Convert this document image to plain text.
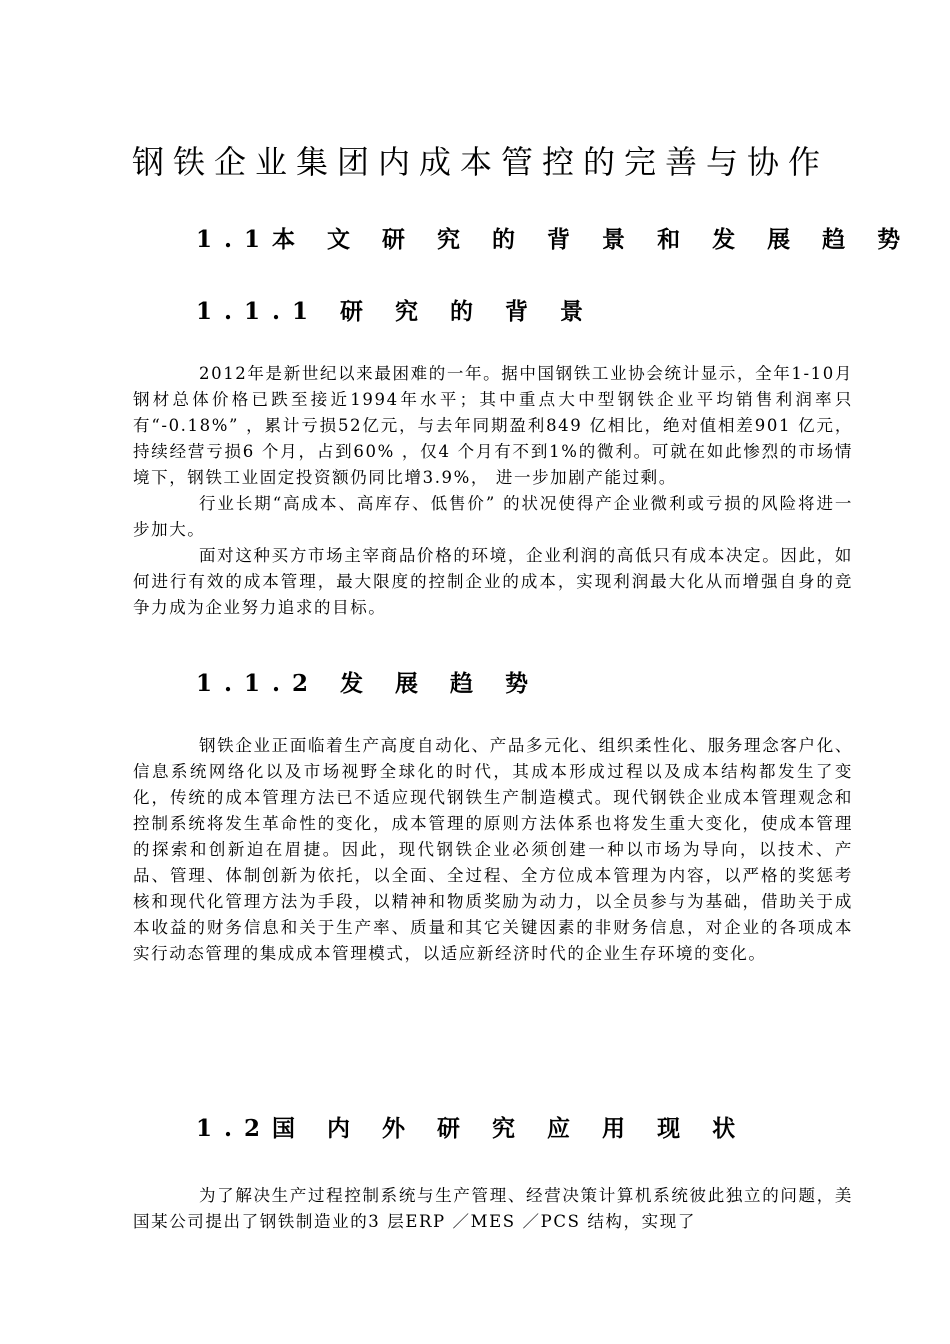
钢铁企业集团内成本管控的完善与协作
1.1本 文 研 究 的 背 景 和 发 展 趋 势
1.1.1 研 究 的 背 景

2012年是新世纪以来最困难的一年。据中国钢铁工业协会统计显示，全年1-10月钢材总体价格已跌至接近1994年水平；其中重点大中型钢铁企业平均销售利润率只有“-0.18%” ，累计亏损52亿元，与去年同期盈利849 亿相比，绝对值相差901 亿元，持续经营亏损6 个月，占到60% ，仅4 个月有不到1%的微利。可就在如此惨烈的市场情境下，钢铁工业固定投资额仍同比增3.9%， 进一步加剧产能过剩。

行业长期“高成本、高库存、低售价” 的状况使得产企业微利或亏损的风险将进一步加大。

面对这种买方市场主宰商品价格的环境，企业利润的高低只有成本决定。因此，如何进行有效的成本管理，最大限度的控制企业的成本，实现利润最大化从而增强自身的竞争力成为企业努力追求的目标。

1.1.2 发 展 趋 势

钢铁企业正面临着生产高度自动化、产品多元化、组织柔性化、服务理念客户化、信息系统网络化以及市场视野全球化的时代，其成本形成过程以及成本结构都发生了变化，传统的成本管理方法已不适应现代钢铁生产制造模式。现代钢铁企业成本管理观念和控制系统将发生革命性的变化，成本管理的原则方法体系也将发生重大变化，使成本管理的探索和创新迫在眉捷。因此，现代钢铁企业必须创建一种以市场为导向，以技术、产品、管理、体制创新为依托，以全面、全过程、全方位成本管理为内容，以严格的奖惩考核和现代化管理方法为手段，以精神和物质奖励为动力，以全员参与为基础，借助关于成本收益的财务信息和关于生产率、质量和其它关键因素的非财务信息，对企业的各项成本实行动态管理的集成成本管理模式，以适应新经济时代的企业生存环境的变化。

1.2国 内 外 研 究 应 用 现 状

为了解决生产过程控制系统与生产管理、经营决策计算机系统彼此独立的问题，美国某公司提出了钢铁制造业的3 层ERP ／MES ／PCS 结构，实现了
